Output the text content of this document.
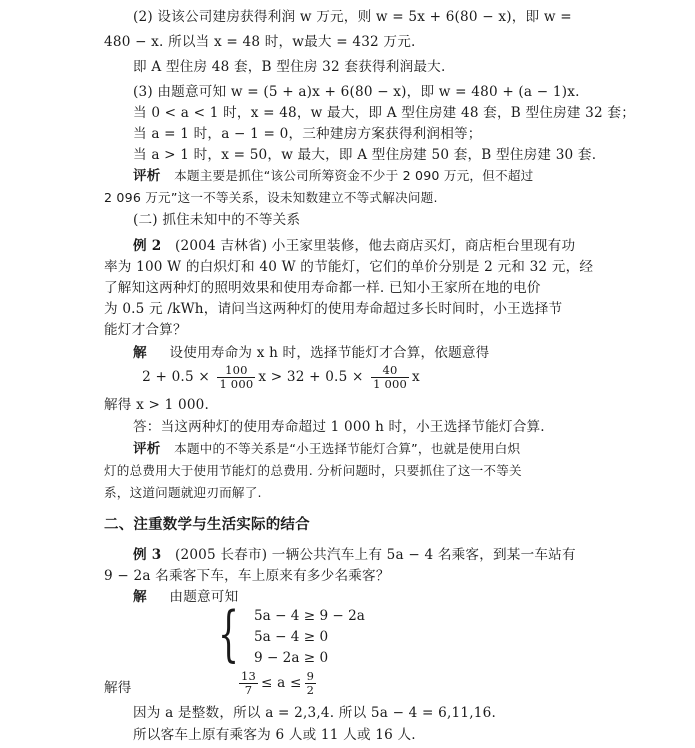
(2) 设该公司建房获得利润 w 万元，则 w = 5x + 6(80 − x)，即 w =
480 − x. 所以当 x = 48 时，w最大 = 432 万元.
即 A 型住房 48 套，B 型住房 32 套获得利润最大.
(3) 由题意可知 w = (5 + a)x + 6(80 − x)，即 w = 480 + (a − 1)x.
当 0 < a < 1 时，x = 48，w 最大，即 A 型住房建 48 套，B 型住房建 32 套；
当 a = 1 时，a − 1 = 0，三种建房方案获得利润相等；
当 a > 1 时，x = 50，w 最大，即 A 型住房建 50 套，B 型住房建 30 套.
评析 本题主要是抓住“该公司所筹资金不少于 2 090 万元，但不超过
2 096 万元”这一不等关系，设未知数建立不等式解决问题.
(二) 抓住未知中的不等关系
例 2 (2004 吉林省) 小王家里装修，他去商店买灯，商店柜台里现有功
率为 100 W 的白炽灯和 40 W 的节能灯，它们的单价分别是 2 元和 32 元，经
了解知这两种灯的照明效果和使用寿命都一样. 已知小王家所在地的电价
为 0.5 元 /kWh，请问当这两种灯的使用寿命超过多长时间时，小王选择节
能灯才合算？
解 设使用寿命为 x h 时，选择节能灯才合算，依题意得
$2 + 0.5 \times \frac{100}{1 000}$ $x > 32 + 0.5 \times \frac{40}{1 000}$ x
解得 x > 1 000.
答：当这两种灯的使用寿命超过 1 000 h 时，小王选择节能灯合算.
评析 本题中的不等关系是“小王选择节能灯合算”，也就是使用白炽
灯的总费用大于使用节能灯的总费用. 分析问题时，只要抓住了这一不等关
系，这道问题就迎刃而解了.
二、注重数学与生活实际的结合
例 3 (2005 长春市) 一辆公共汽车上有 5a − 4 名乘客，到某一车站有
9 − 2a 名乘客下车，车上原来有多少名乘客？
解 由题意可知
{ 5a − 4 ≥ 9 − 2a
5a − 4 ≥ 0
9 − 2a ≥ 0
解得	$\frac{13}{7} \le a \le \frac{9}{2}$
因为 a 是整数，所以 a = 2,3,4. 所以 5a − 4 = 6,11,16.
所以客车上原有乘客为 6 人或 11 人或 16 人.
